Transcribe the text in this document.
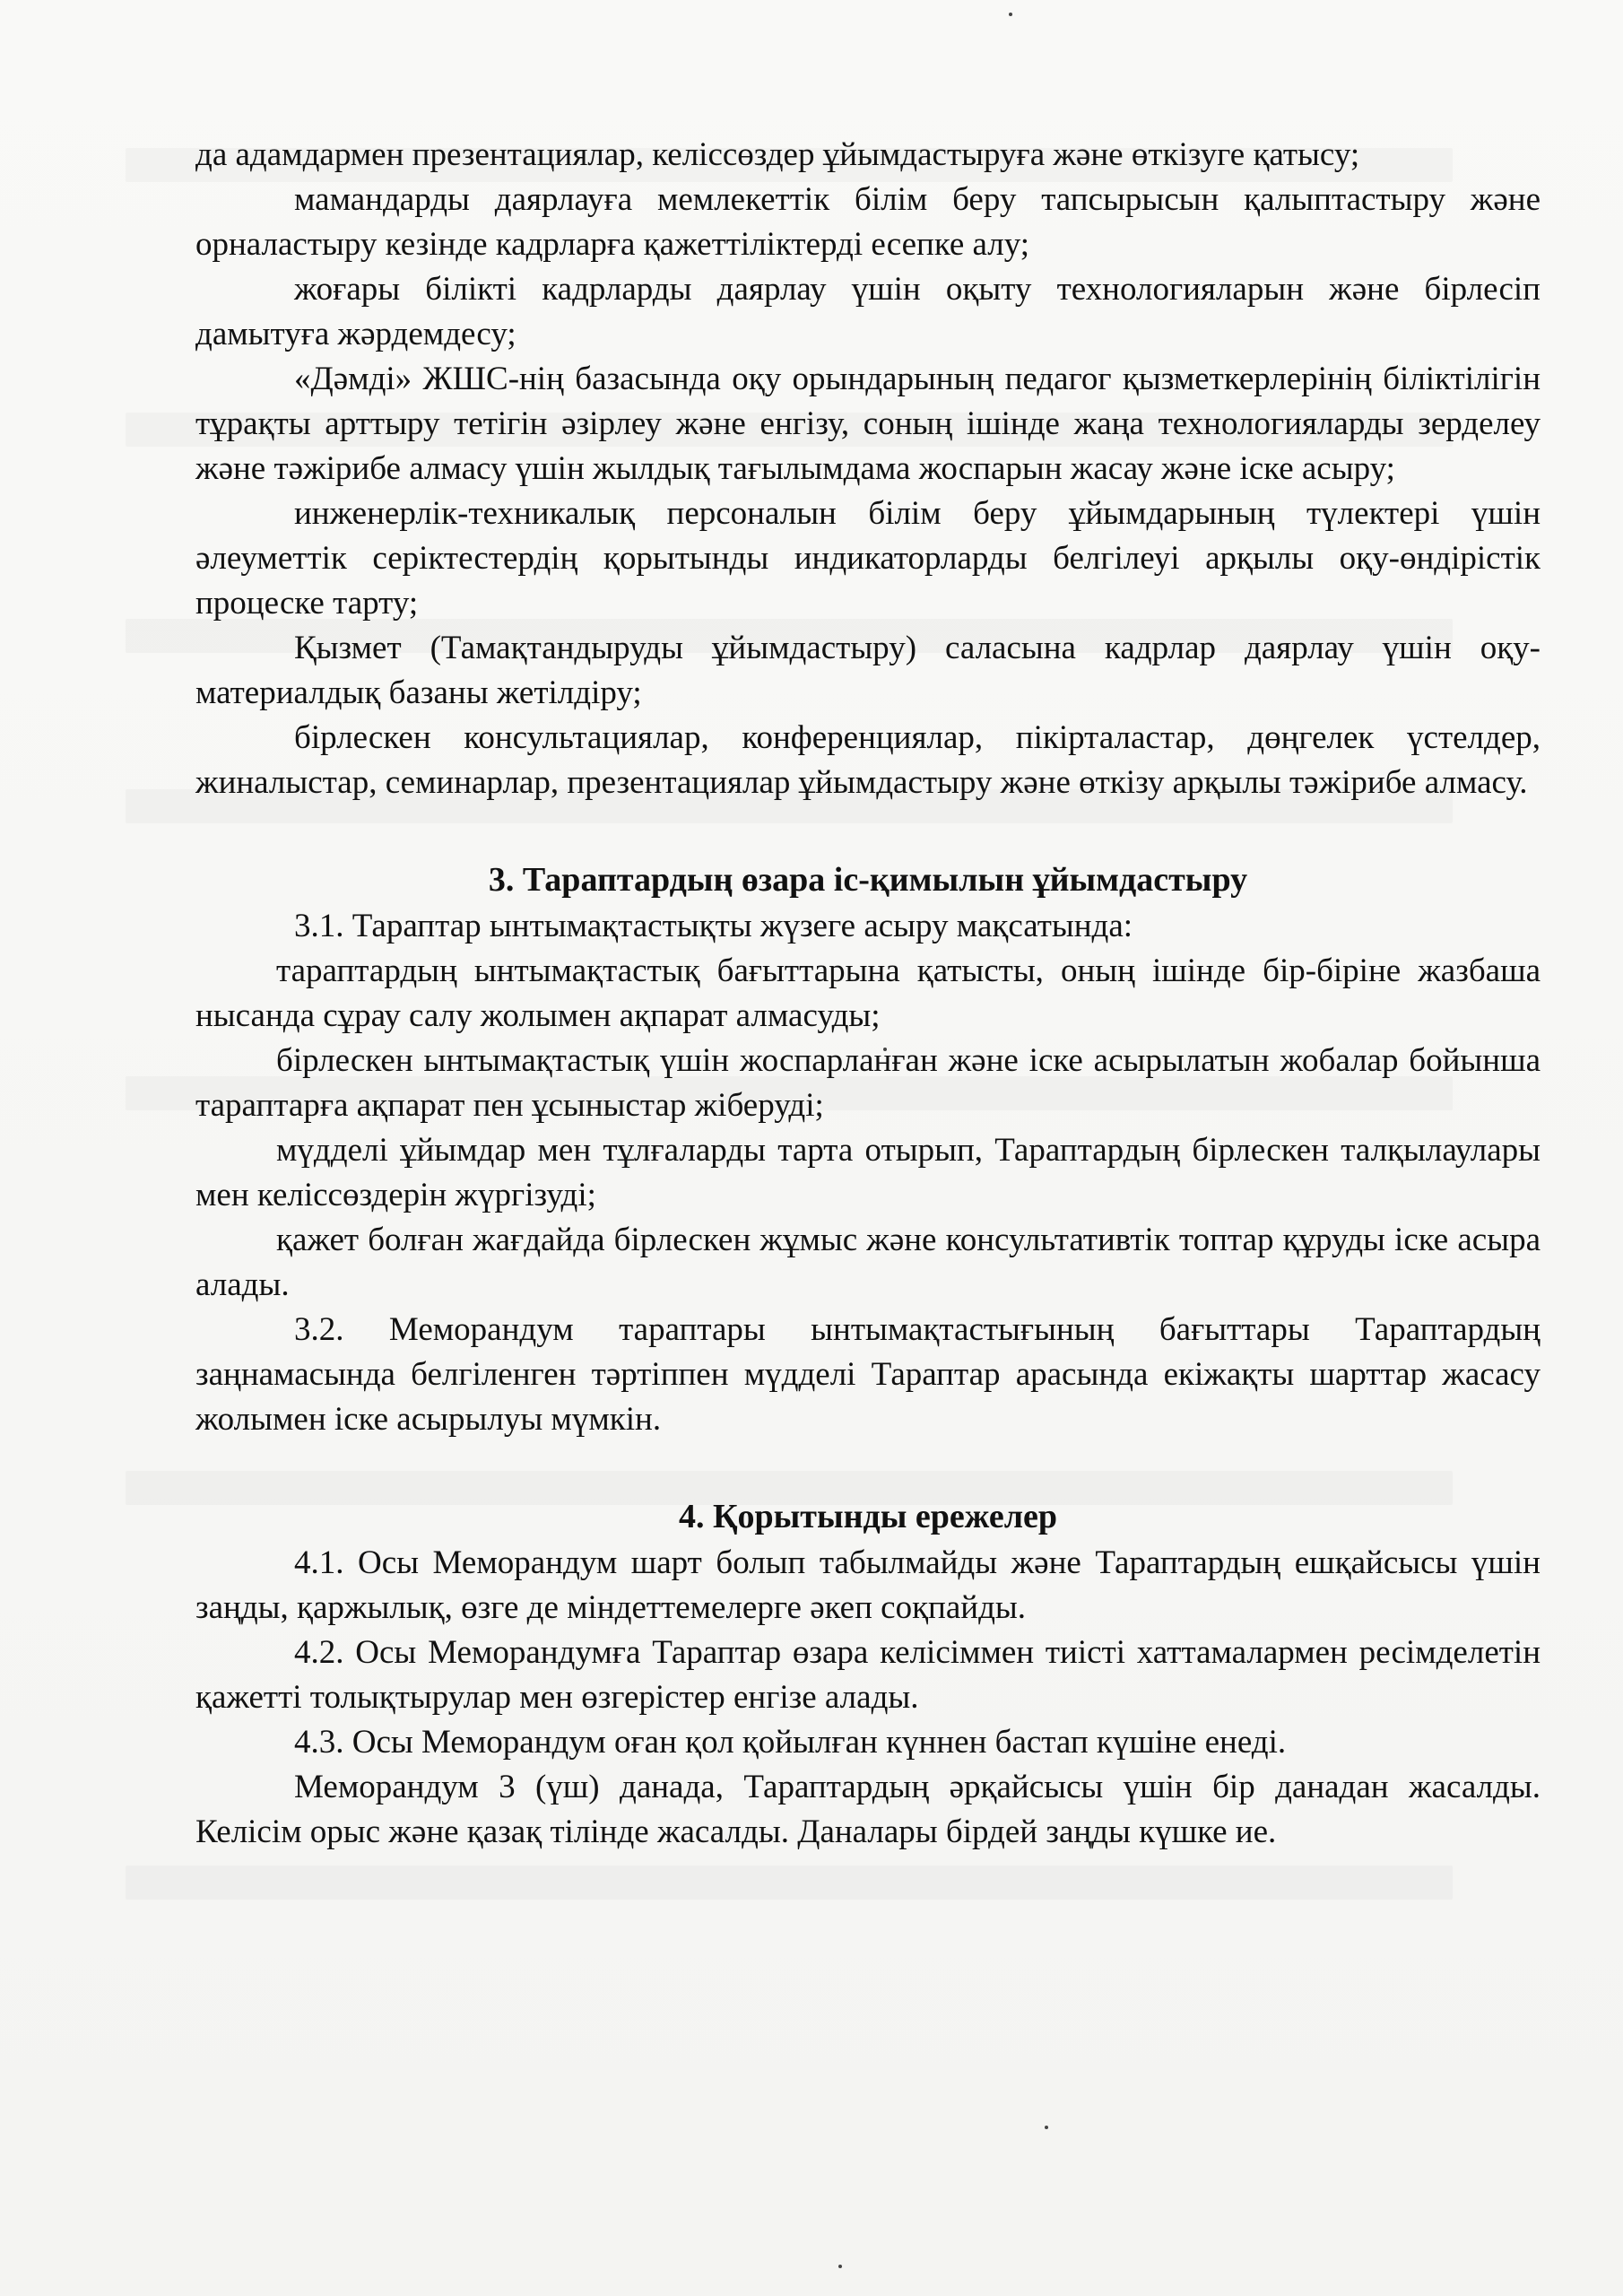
да адамдармен презентациялар, келіссөздер ұйымдастыруға және өткізуге қатысу;

мамандарды даярлауға мемлекеттік білім беру тапсырысын қалыптастыру және орналастыру кезінде кадрларға қажеттіліктерді есепке алу;

жоғары білікті кадрларды даярлау үшін оқыту технологияларын және бірлесіп дамытуға жәрдемдесу;

«Дәмді» ЖШС-нің базасында оқу орындарының педагог қызметкерлерінің біліктілігін тұрақты арттыру тетігін әзірлеу және енгізу, соның ішінде жаңа технологияларды зерделеу және тәжірибе алмасу үшін жылдық тағылымдама жоспарын жасау және іске асыру;

инженерлік-техникалық персоналын білім беру ұйымдарының түлектері үшін әлеуметтік серіктестердің қорытынды индикаторларды белгілеуі арқылы оқу-өндірістік процеске тарту;

Қызмет (Тамақтандыруды ұйымдастыру) саласына кадрлар даярлау үшін оқу-материалдық базаны жетілдіру;

бірлескен консультациялар, конференциялар, пікірталастар, дөңгелек үстелдер, жиналыстар, семинарлар, презентациялар ұйымдастыру және өткізу арқылы тәжірибе алмасу.

3. Тараптардың өзара іс-қимылын ұйымдастыру

3.1. Тараптар ынтымақтастықты жүзеге асыру мақсатында:

тараптардың ынтымақтастық бағыттарына қатысты, оның ішінде бір-біріне жазбаша нысанда сұрау салу жолымен ақпарат алмасуды;

бірлескен ынтымақтастық үшін жоспарланған және іске асырылатын жобалар бойынша тараптарға ақпарат пен ұсыныстар жіберуді;

мүдделі ұйымдар мен тұлғаларды тарта отырып, Тараптардың бірлескен талқылаулары мен келіссөздерін жүргізуді;

қажет болған жағдайда бірлескен жұмыс және консультативтік топтар құруды іске асыра алады.

3.2. Меморандум тараптары ынтымақтастығының бағыттары Тараптардың заңнамасында белгіленген тәртіппен мүдделі Тараптар арасында екіжақты шарттар жасасу жолымен іске асырылуы мүмкін.

4. Қорытынды ережелер

4.1. Осы Меморандум шарт болып табылмайды және Тараптардың ешқайсысы үшін заңды, қаржылық, өзге де міндеттемелерге әкеп соқпайды.

4.2. Осы Меморандумға Тараптар өзара келісіммен тиісті хаттамалармен ресімделетін қажетті толықтырулар мен өзгерістер енгізе алады.

4.3. Осы Меморандум оған қол қойылған күннен бастап күшіне енеді.

Меморандум 3 (үш) данада, Тараптардың әрқайсысы үшін бір данадан жасалды. Келісім орыс және қазақ тілінде жасалды. Даналары бірдей заңды күшке ие.
